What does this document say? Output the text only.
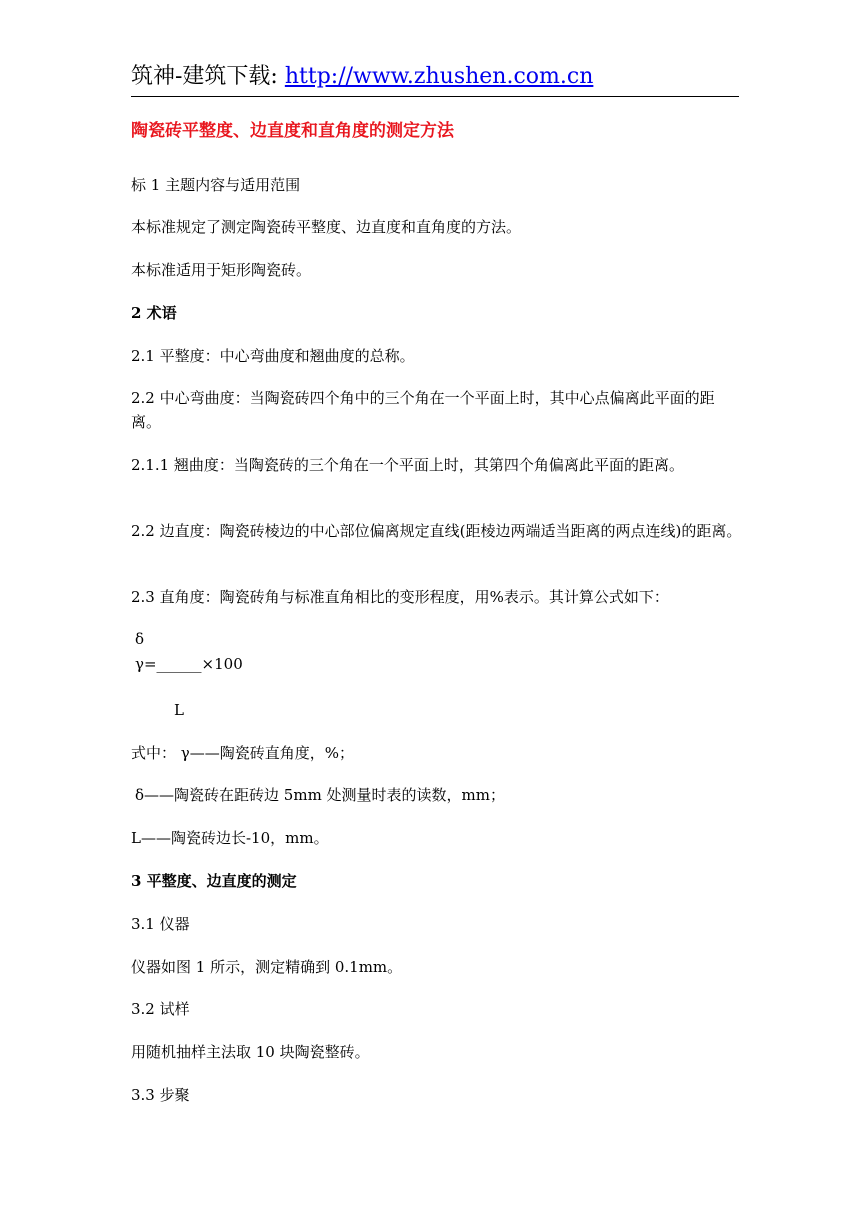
筑神-建筑下载: http://www.zhushen.com.cn
陶瓷砖平整度、边直度和直角度的测定方法
标 1 主题内容与适用范围
本标准规定了测定陶瓷砖平整度、边直度和直角度的方法。
本标准适用于矩形陶瓷砖。
2 术语
2.1 平整度：中心弯曲度和翘曲度的总称。
2.2 中心弯曲度：当陶瓷砖四个角中的三个角在一个平面上时，其中心点偏离此平面的距离。
2.1.1 翘曲度：当陶瓷砖的三个角在一个平面上时，其第四个角偏离此平面的距离。
2.2 边直度：陶瓷砖棱边的中心部位偏离规定直线(距棱边两端适当距离的两点连线)的距离。
2.3 直角度：陶瓷砖角与标准直角相比的变形程度，用%表示。其计算公式如下：
δ
γ=______×100
L
式中： γ——陶瓷砖直角度，%；
δ——陶瓷砖在距砖边 5mm 处测量时表的读数，mm；
L——陶瓷砖边长-10，mm。
3 平整度、边直度的测定
3.1 仪器
仪器如图 1 所示，测定精确到 0.1mm。
3.2 试样
用随机抽样主法取 10 块陶瓷整砖。
3.3 步聚
